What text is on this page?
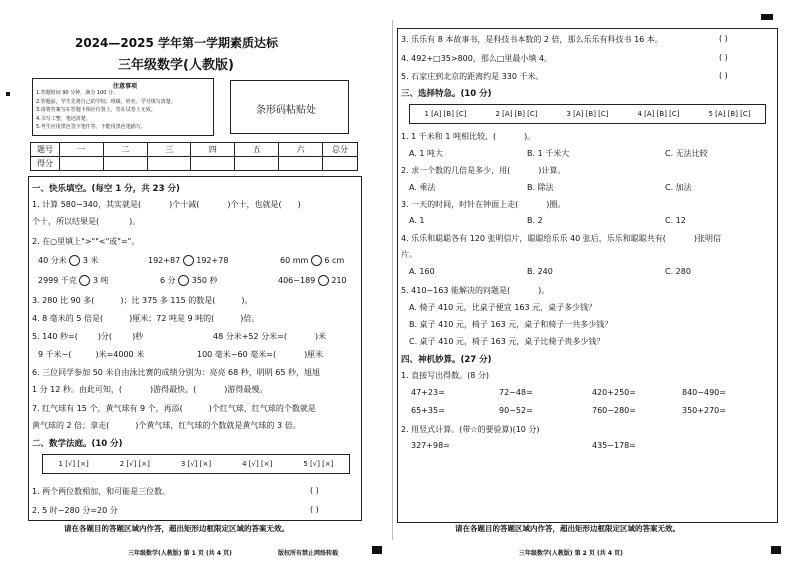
2024—2025 学年第一学期素质达标
三年级数学(人教版)
注意事项
1.答题时间 90 分钟，满分 100 分。
2.答题前，学生先将自己的学校、班级、姓名、学号填写清楚。
3.请将答案写在答题卡相应位置上，答在试卷上无效。
4.书写工整，笔迹清楚。
5.考生应用黑色签字笔作答，不能用黑色笔描写。
条形码粘贴处
题号	一	二	三	四	五	六	总分
得分							
一、快乐填空。(每空 1 分，共 23 分)
1. 计算 580−340，其实就是(	)个十减(	)个十，也就是( )
个十，所以结果是(	)。
2. 在○里填上">""<"或"="。
40 分米 3 米	192+87 192+78	60 mm 6 cm
2999 千克 3 吨	6 分 350 秒	406−189 210
3. 280 比 90 多(	)；比 375 多 115 的数是(	)。
4. 8 毫米的 5 倍是(	)厘米；72 吨是 9 吨的(	)倍。
5. 140 秒=(	)分(	)秒	48 分米+52 分米=(	)米
9 千米−(	)米=4000 米	100 毫米−60 毫米=(	)厘米
6. 三位同学参加 50 米自由泳比赛的成绩分别为：亮亮 68 秒，明明 65 秒，旭旭
1 分 12 秒。由此可知，(	)游得最快，(	)游得最慢。
7. 红气球有 15 个，黄气球有 9 个，再添(	)个红气球，红气球的个数就是
黄气球的 2 倍；拿走(	)个黄气球，红气球的个数就是黄气球的 3 倍。
二、数学法庭。(10 分)
1 [√] [×]	2 [√] [×]	3 [√] [×]	4 [√] [×]	5 [√] [×]
1. 两个两位数相加，和可能是三位数。	( )
2. 5 时−280 分=20 分	( )
请在各题目的答题区域内作答，超出矩形边框限定区域的答案无效。
三年级数学(人教版) 第 1 页 (共 4 页)	版权所有禁止网络转载
3. 乐乐有 8 本故事书，是科技书本数的 2 倍，那么乐乐有科技书 16 本。	( )
4. 492+□35>800，那么□里最小填 4。	( )
5. 石家庄到北京的距离约是 330 千米。	( )
三、选择特急。(10 分)
1 [A] [B] [C]	2 [A] [B] [C]	3 [A] [B] [C]	4 [A] [B] [C]	5 [A] [B] [C]
1. 1 千米和 1 吨相比较，(	)。
A. 1 吨大	B. 1 千米大	C. 无法比较
2. 求一个数的几倍是多少，用(	)计算。
A. 乘法	B. 除法	C. 加法
3. 一天的时间，时针在钟面上走(	)圈。
A. 1	B. 2	C. 12
4. 乐乐和聪聪各有 120 张明信片，聪聪给乐乐 40 张后，乐乐和聪聪共有(	)张明信
片。
A. 160	B. 240	C. 280
5. 410−163 能解决的问题是(	)。
A. 椅子 410 元，比桌子便宜 163 元，桌子多少钱？
B. 桌子 410 元，椅子 163 元，桌子和椅子一共多少钱？
C. 桌子 410 元，椅子 163 元，桌子比椅子贵多少钱？
四、神机妙算。(27 分)
1. 直接写出得数。(8 分)
47+23=	72−48=	420+250=	840−490=
65+35=	90−52=	760−280=	350+270=
2. 用竖式计算。(带☆的要验算)(10 分)
327+98=	435−178=
请在各题目的答题区域内作答，超出矩形边框限定区域的答案无效。
三年级数学(人教版) 第 2 页 (共 4 页)
